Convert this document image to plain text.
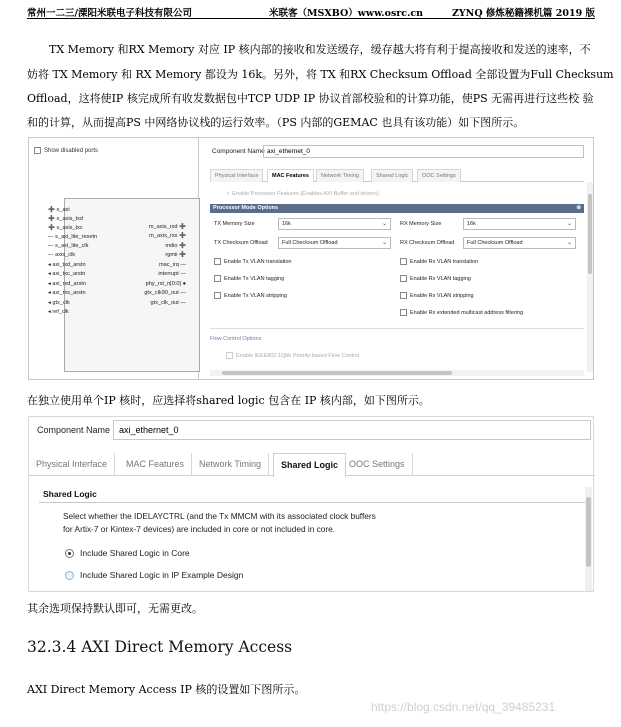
常州一二三/溧阳米联电子科技有限公司	米联客（MSXBO）www.osrc.cn	ZYNQ 修炼秘籍裸机篇 2019 版
TX Memory 和RX Memory 对应 IP 核内部的接收和发送缓存，缓存越大将有利于提高接收和发送的速率，不
妨将 TX Memory 和 RX Memory 都设为 16k。另外，将 TX 和RX Checksum Offload 全部设置为Full Checksum
Offload，这将使IP 核完成所有收发数据包中TCP UDP IP 协议首部校验和的计算功能，使PS 无需再进行这些校 验
和的计算，从而提高PS 中网络协议栈的运行效率。（PS 内部的GEMAC 也具有该功能）如下图所示。
Show disabled ports
➕ s_axi
➕ s_axis_txd
➕ s_axis_txc
— s_axi_lite_resetn
— s_axi_lite_clk
— axis_clk
◂ axi_txd_arstn
◂ axi_txc_arstn
◂ axi_rxd_arstn
◂ axi_rxs_arstn
◂ gtx_clk
◂ ref_clk
m_axis_rxd ➕
m_axis_rxs ➕
mdio ➕
rgmii ➕
mac_irq —
interrupt —
phy_rst_n[0:0] ●
gtx_clk90_out —
gtx_clk_out —
Component Name axi_ethernet_0
Physical Interface	MAC Features	Network Timing	Shared Logic	OOC Settings
✓ Enable Processor Features (Enables AXI Buffer and drivers)
Processor Mode Options	⊗
TX Memory Size	16k	⌄ RX Memory Size	16k	⌄
TX Checksum Offload	Full Checksum Offload	⌄ RX Checksum Offload	Full Checksum Offload	⌄
Enable Tx VLAN translation
Enable Tx VLAN tagging
Enable Tx VLAN stripping
Enable Rx VLAN translation
Enable Rx VLAN tagging
Enable Rx VLAN stripping
Enable Rx extended multicast address filtering
Flow Control Options
Enable IEEE802.1Qbb Priority-based Flow Control
在独立使用单个IP 核时，应选择将shared logic 包含在 IP 核内部，如下图所示。
Component Name axi_ethernet_0
Physical Interface	MAC Features	Network Timing	Shared Logic	OOC Settings
Shared Logic
Select whether the IDELAYCTRL (and the Tx MMCM with its associated clock buffers
for Artix-7 or Kintex-7 devices) are included in core or not included in core.
Include Shared Logic in Core
Include Shared Logic in IP Example Design
其余选项保持默认即可，无需更改。
32.3.4 AXI Direct Memory Access
AXI Direct Memory Access IP 核的设置如下图所示。
https://blog.csdn.net/qq_39485231
